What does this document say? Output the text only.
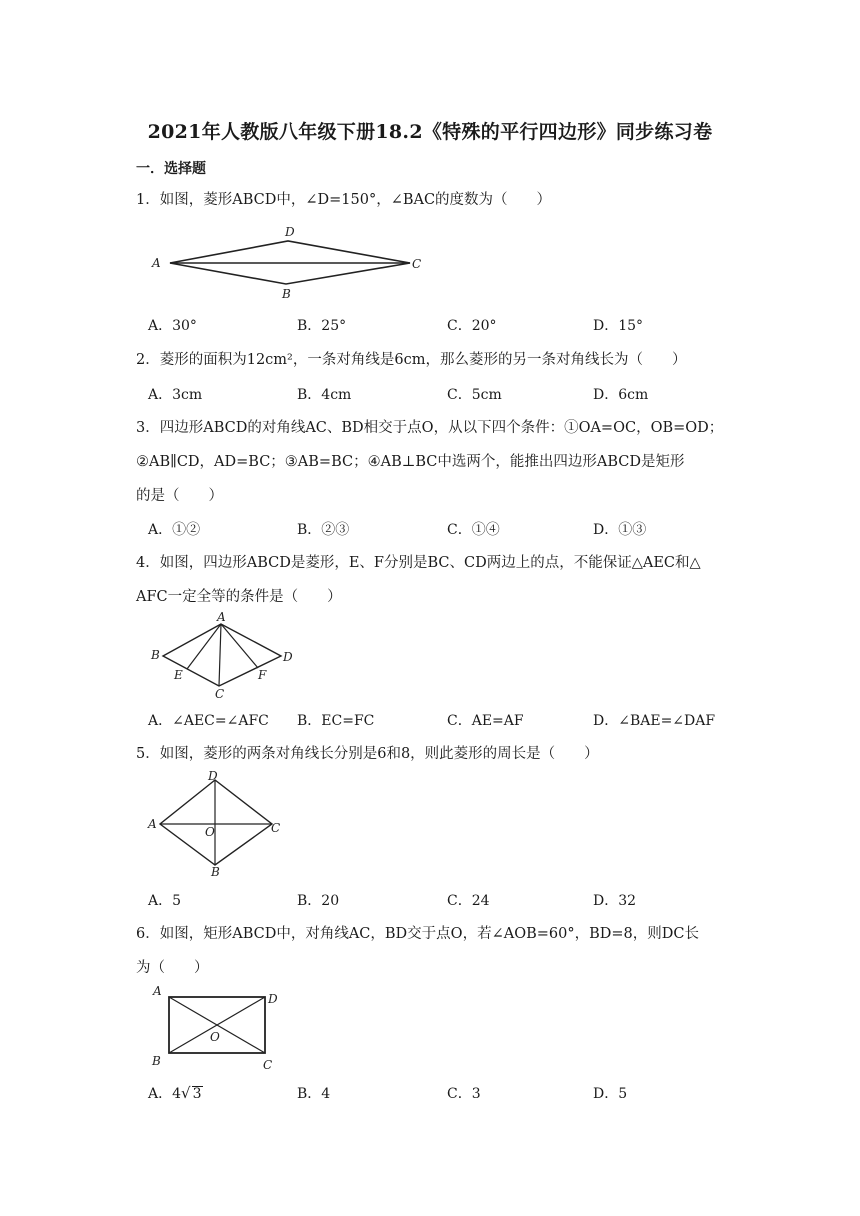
2021年人教版八年级下册18.2《特殊的平行四边形》同步练习卷
一．选择题
1．如图，菱形ABCD中，∠D=150°，∠BAC的度数为（　　）
A
B
C
D
A．30°	B．25°	C．20°	D．15°
2．菱形的面积为12cm²，一条对角线是6cm，那么菱形的另一条对角线长为（　　）
A．3cm	B．4cm	C．5cm	D．6cm
3．四边形ABCD的对角线AC、BD相交于点O，从以下四个条件：①OA=OC，OB=OD；
②AB∥CD，AD=BC；③AB=BC；④AB⊥BC中选两个，能推出四边形ABCD是矩形
的是（　　）
A．①②	B．②③	C．①④	D．①③
4．如图，四边形ABCD是菱形，E、F分别是BC、CD两边上的点，不能保证△AEC和△
AFC一定全等的条件是（　　）
A
B
C
D
E	F
A．∠AEC=∠AFC B．EC=FC	C．AE=AF	D．∠BAE=∠DAF
5．如图，菱形的两条对角线长分别是6和8，则此菱形的周长是（　　）
A
B
C
D
O
A．5	B．20	C．24	D．32
6．如图，矩形ABCD中，对角线AC，BD交于点O，若∠AOB=60°，BD=8，则DC长
为（　　）
A
B	C
D
O
A．4√ 3	B．4	C．3	D．5
